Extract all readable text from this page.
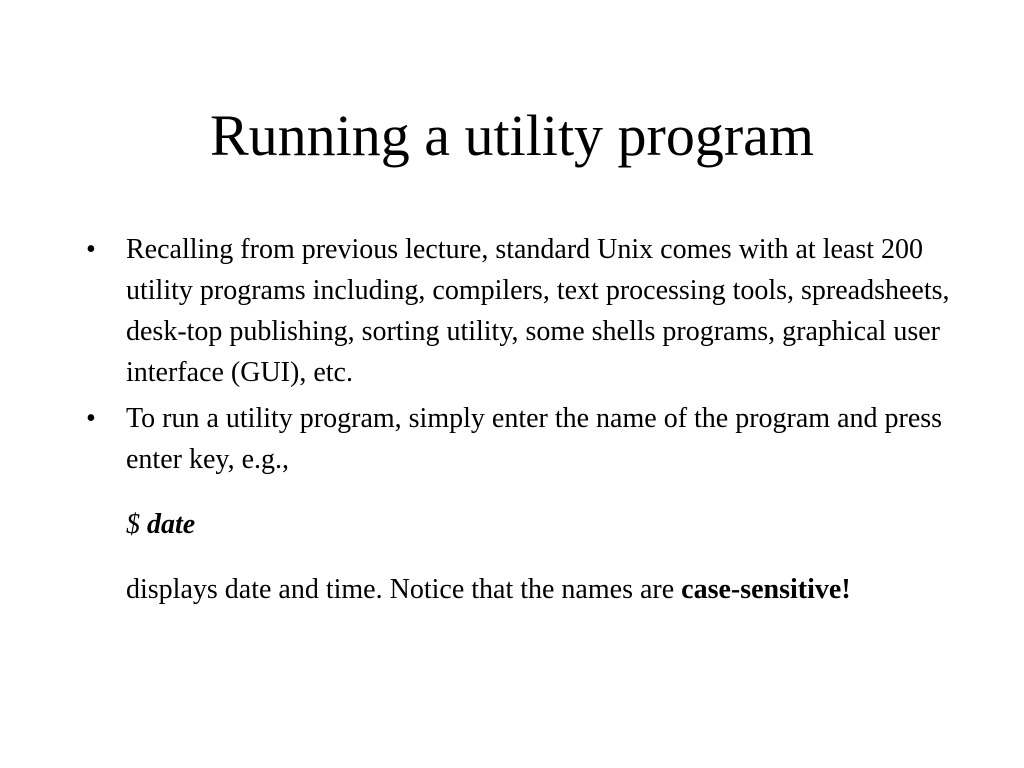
Running a utility program
• Recalling from previous lecture, standard Unix comes with at least 200 utility programs including, compilers, text processing tools, spreadsheets, desk-top publishing, sorting utility, some shells programs, graphical user interface (GUI), etc.
• To run a utility program, simply enter the name of the program and press enter key, e.g.,
$ date
displays date and time. Notice that the names are case-sensitive!
